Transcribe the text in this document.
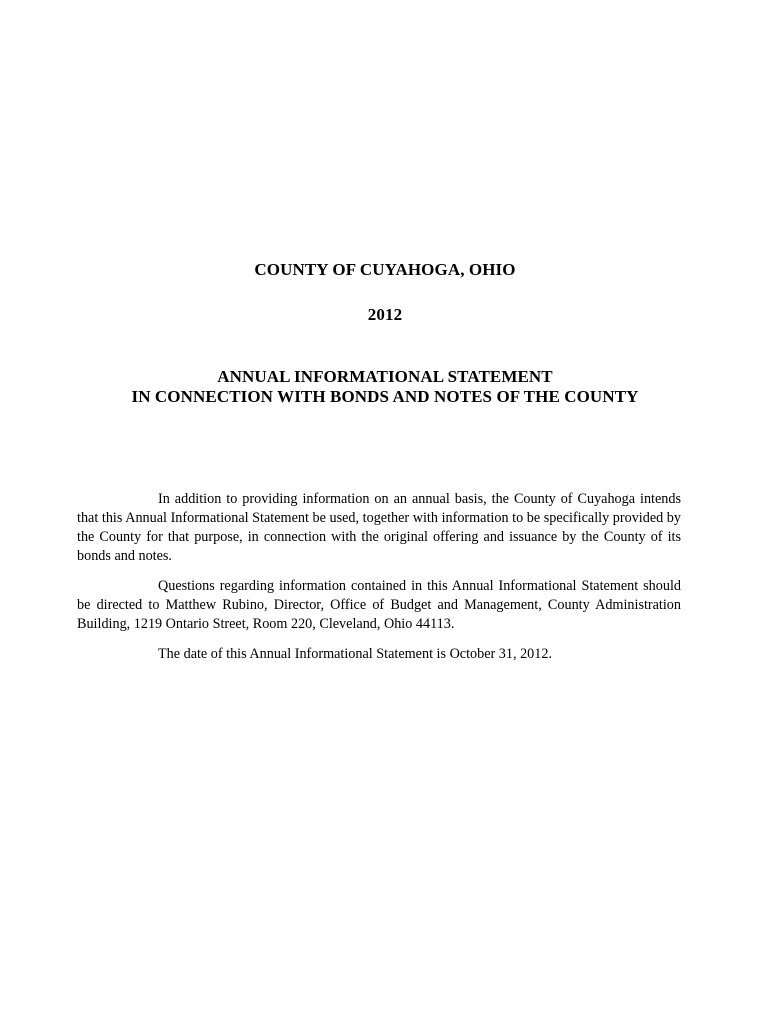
COUNTY OF CUYAHOGA, OHIO
2012
ANNUAL INFORMATIONAL STATEMENT
IN CONNECTION WITH BONDS AND NOTES OF THE COUNTY

In addition to providing information on an annual basis, the County of Cuyahoga intends that this Annual Informational Statement be used, together with information to be specifically provided by the County for that purpose, in connection with the original offering and issuance by the County of its bonds and notes.

Questions regarding information contained in this Annual Informational Statement should be directed to Matthew Rubino, Director, Office of Budget and Management, County Administration Building, 1219 Ontario Street, Room 220, Cleveland, Ohio 44113.

The date of this Annual Informational Statement is October 31, 2012.
